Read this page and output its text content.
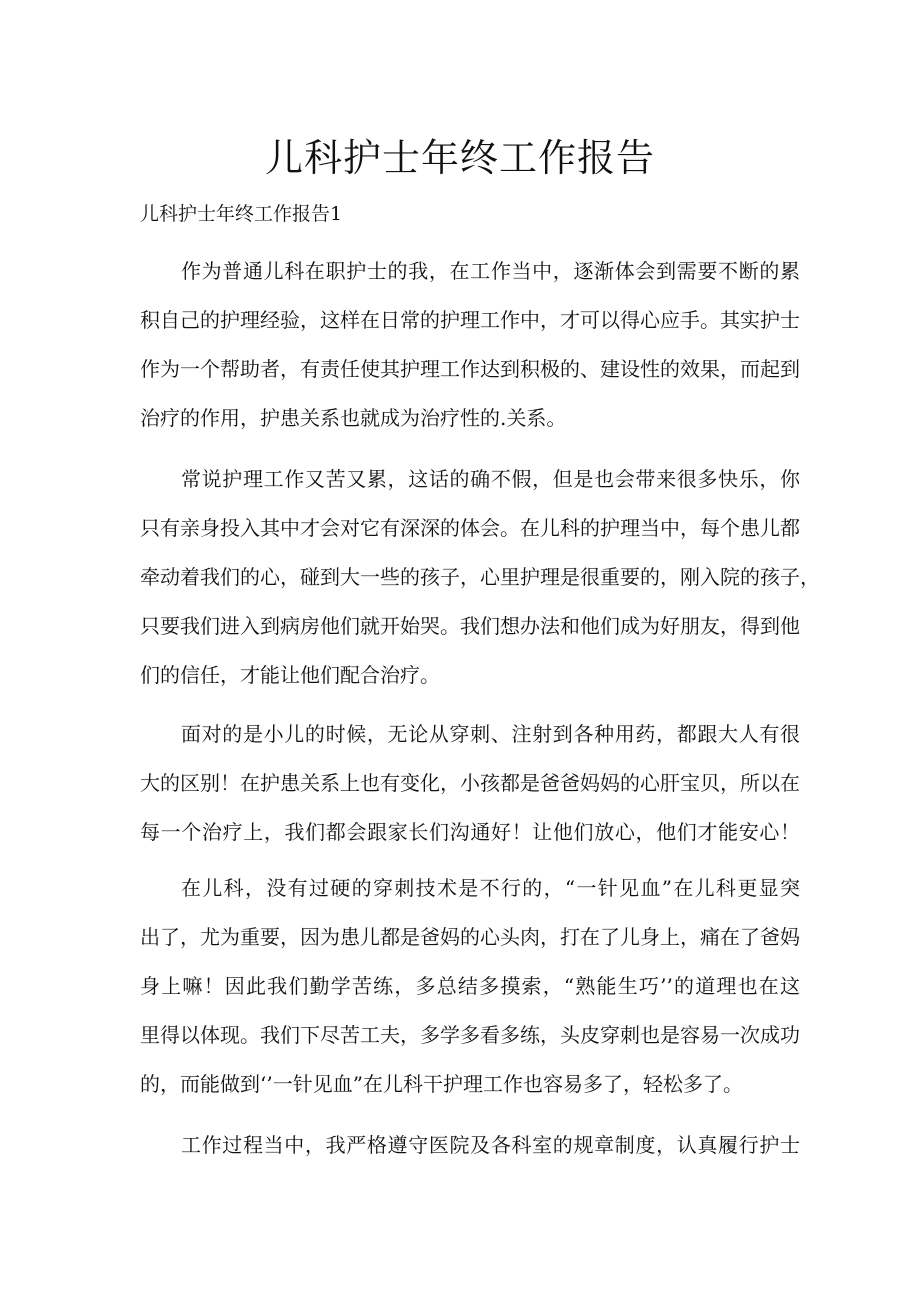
儿科护士年终工作报告
儿科护士年终工作报告1
作为普通儿科在职护士的我，在工作当中，逐渐体会到需要不断的累
积自己的护理经验，这样在日常的护理工作中，才可以得心应手。其实护士
作为一个帮助者，有责任使其护理工作达到积极的、建设性的效果，而起到
治疗的作用，护患关系也就成为治疗性的.关系。
常说护理工作又苦又累，这话的确不假，但是也会带来很多快乐，你
只有亲身投入其中才会对它有深深的体会。在儿科的护理当中，每个患儿都
牵动着我们的心，碰到大一些的孩子，心里护理是很重要的，刚入院的孩子，
只要我们进入到病房他们就开始哭。我们想办法和他们成为好朋友，得到他
们的信任，才能让他们配合治疗。
面对的是小儿的时候，无论从穿刺、注射到各种用药，都跟大人有很
大的区别！在护患关系上也有变化，小孩都是爸爸妈妈的心肝宝贝，所以在
每一个治疗上，我们都会跟家长们沟通好！让他们放心，他们才能安心！
在儿科，没有过硬的穿刺技术是不行的，“一针见血”在儿科更显突
出了，尤为重要，因为患儿都是爸妈的心头肉，打在了儿身上，痛在了爸妈
身上嘛！因此我们勤学苦练，多总结多摸索，“熟能生巧’’的道理也在这
里得以体现。我们下尽苦工夫，多学多看多练，头皮穿刺也是容易一次成功
的，而能做到‘’一针见血”在儿科干护理工作也容易多了，轻松多了。
工作过程当中，我严格遵守医院及各科室的规章制度，认真履行护士
